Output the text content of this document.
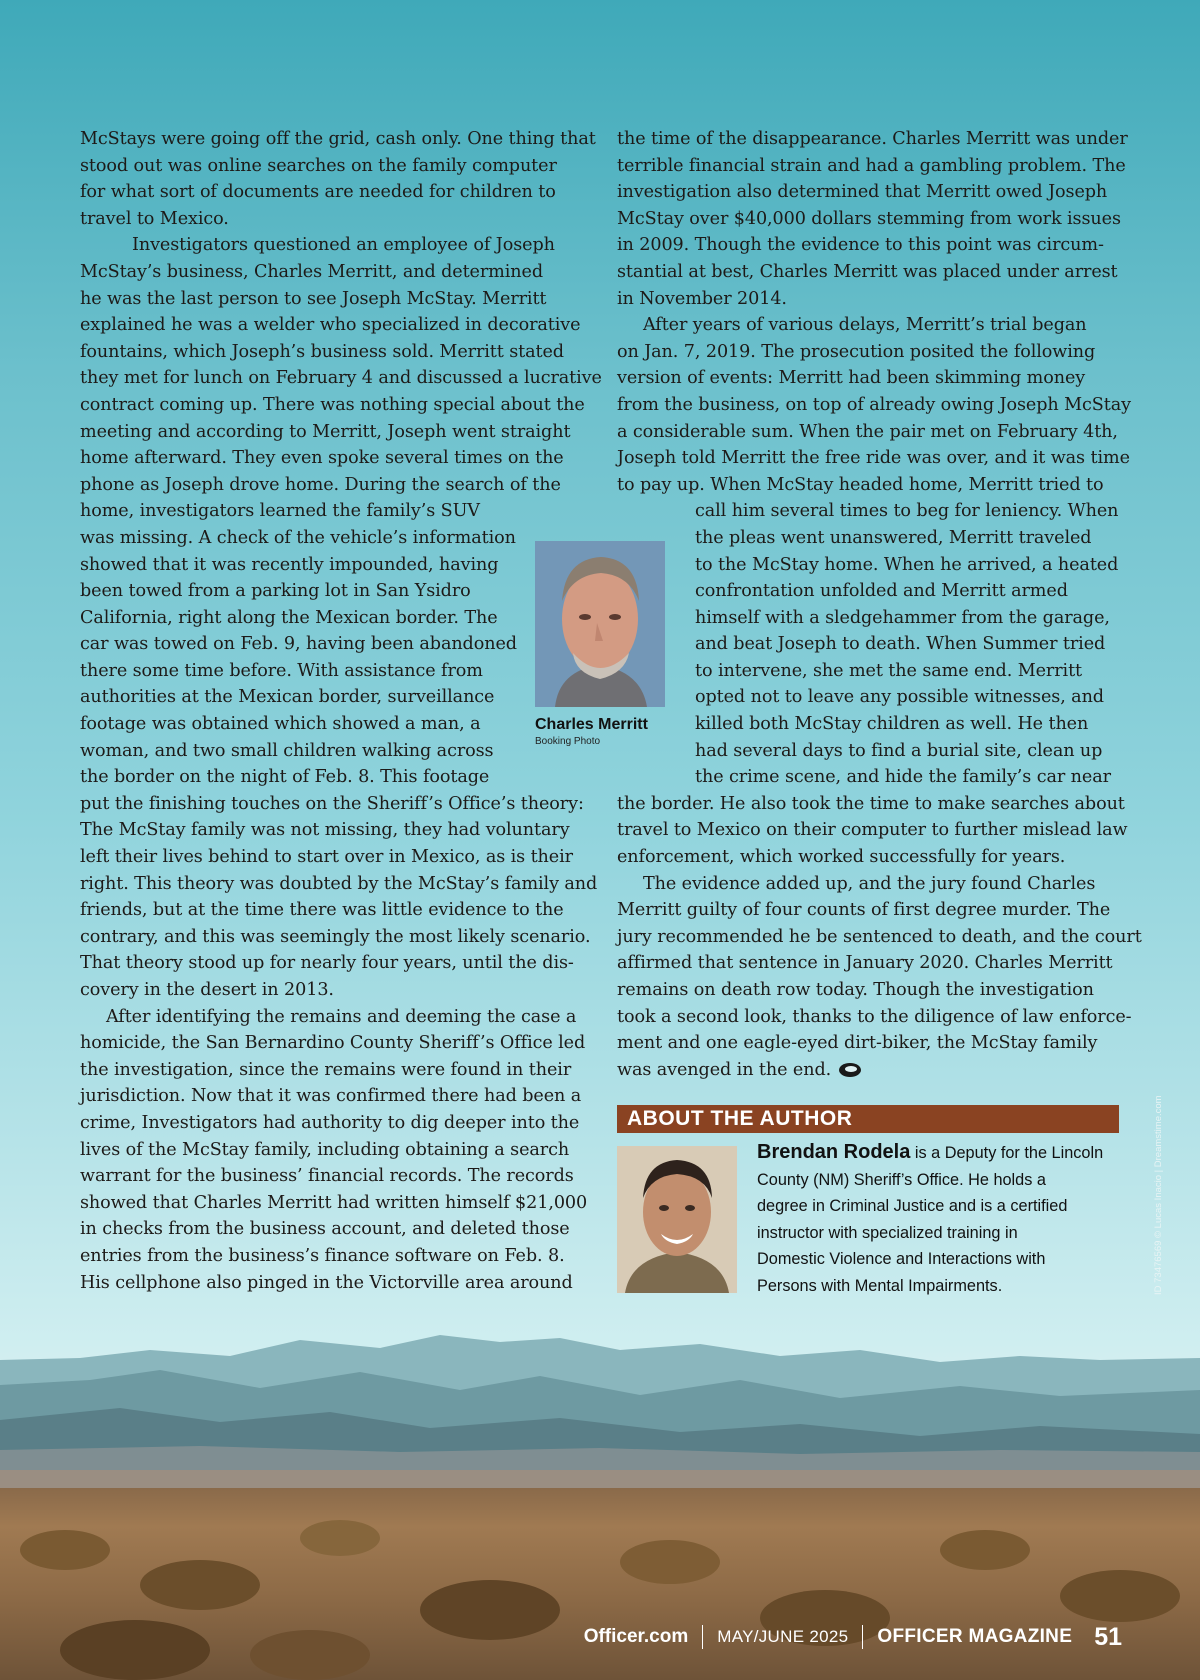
McStays were going off the grid, cash only. One thing that
stood out was online searches on the family computer
for what sort of documents are needed for children to
travel to Mexico.
Investigators questioned an employee of Joseph
McStay’s business, Charles Merritt, and determined
he was the last person to see Joseph McStay. Merritt
explained he was a welder who specialized in decorative
fountains, which Joseph’s business sold. Merritt stated
they met for lunch on February 4 and discussed a lucrative
contract coming up. There was nothing special about the
meeting and according to Merritt, Joseph went straight
home afterward. They even spoke several times on the
phone as Joseph drove home. During the search of the
home, investigators learned the family’s SUV
was missing. A check of the vehicle’s information
showed that it was recently impounded, having
been towed from a parking lot in San Ysidro
California, right along the Mexican border. The
car was towed on Feb. 9, having been abandoned
there some time before. With assistance from
authorities at the Mexican border, surveillance
footage was obtained which showed a man, a
woman, and two small children walking across
the border on the night of Feb. 8. This footage
put the finishing touches on the Sheriff’s Office’s theory:
The McStay family was not missing, they had voluntary
left their lives behind to start over in Mexico, as is their
right. This theory was doubted by the McStay’s family and
friends, but at the time there was little evidence to the
contrary, and this was seemingly the most likely scenario.
That theory stood up for nearly four years, until the dis-
covery in the desert in 2013.
After identifying the remains and deeming the case a
homicide, the San Bernardino County Sheriff’s Office led
the investigation, since the remains were found in their
jurisdiction. Now that it was confirmed there had been a
crime, Investigators had authority to dig deeper into the
lives of the McStay family, including obtaining a search
warrant for the business’ financial records. The records
showed that Charles Merritt had written himself $21,000
in checks from the business account, and deleted those
entries from the business’s finance software on Feb. 8.
His cellphone also pinged in the Victorville area around
the time of the disappearance. Charles Merritt was under
terrible financial strain and had a gambling problem. The
investigation also determined that Merritt owed Joseph
McStay over $40,000 dollars stemming from work issues
in 2009. Though the evidence to this point was circum-
stantial at best, Charles Merritt was placed under arrest
in November 2014.
After years of various delays, Merritt’s trial began
on Jan. 7, 2019. The prosecution posited the following
version of events: Merritt had been skimming money
from the business, on top of already owing Joseph McStay
a considerable sum. When the pair met on February 4th,
Joseph told Merritt the free ride was over, and it was time
to pay up. When McStay headed home, Merritt tried to
call him several times to beg for leniency. When
the pleas went unanswered, Merritt traveled
to the McStay home. When he arrived, a heated
confrontation unfolded and Merritt armed
himself with a sledgehammer from the garage,
and beat Joseph to death. When Summer tried
to intervene, she met the same end. Merritt
opted not to leave any possible witnesses, and
killed both McStay children as well. He then
had several days to find a burial site, clean up
the crime scene, and hide the family’s car near
the border. He also took the time to make searches about
travel to Mexico on their computer to further mislead law
enforcement, which worked successfully for years.
The evidence added up, and the jury found Charles
Merritt guilty of four counts of first degree murder. The
jury recommended he be sentenced to death, and the court
affirmed that sentence in January 2020. Charles Merritt
remains on death row today. Though the investigation
took a second look, thanks to the diligence of law enforce-
ment and one eagle-eyed dirt-biker, the McStay family
was avenged in the end.
Charles Merritt
Booking Photo
ABOUT THE AUTHOR
Brendan Rodela is a Deputy for the Lincoln
County (NM) Sheriff’s Office. He holds a
degree in Criminal Justice and is a certified
instructor with specialized training in
Domestic Violence and Interactions with
Persons with Mental Impairments.	ID 73476569 © Lucas Inacio | Dreamstime.com
Officer.com MAY/JUNE 2025 OFFICER MAGAZINE 51
